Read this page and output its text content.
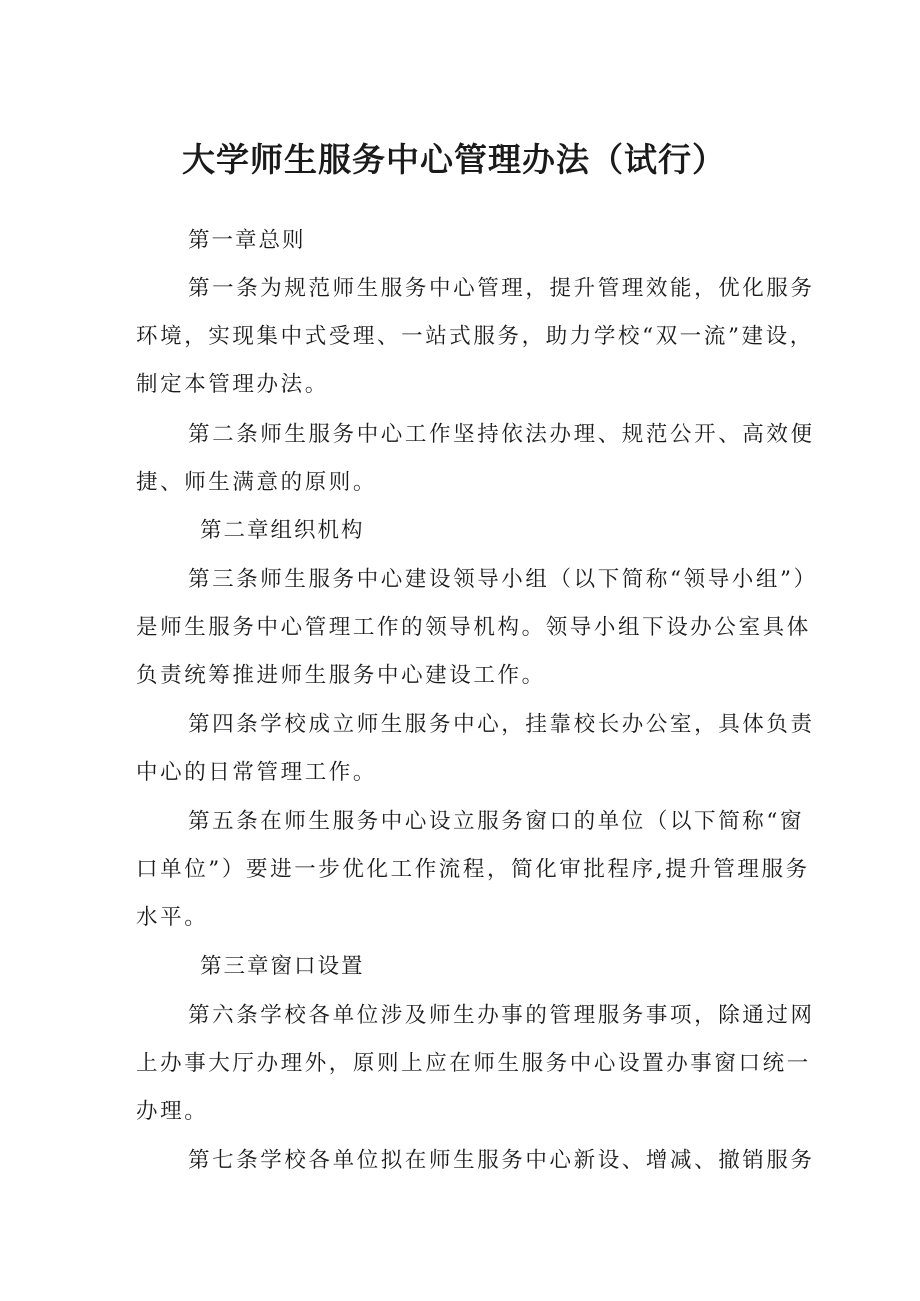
大学师生服务中心管理办法（试行）

第一章总则

第一条为规范师生服务中心管理，提升管理效能，优化服务

环境，实现集中式受理、一站式服务，助力学校“双一流”建设，

制定本管理办法。

第二条师生服务中心工作坚持依法办理、规范公开、高效便

捷、师生满意的原则。

第二章组织机构

第三条师生服务中心建设领导小组（以下简称“领导小组”）

是师生服务中心管理工作的领导机构。领导小组下设办公室具体

负责统筹推进师生服务中心建设工作。

第四条学校成立师生服务中心，挂靠校长办公室，具体负责

中心的日常管理工作。

第五条在师生服务中心设立服务窗口的单位（以下简称“窗

口单位”）要进一步优化工作流程，简化审批程序,提升管理服务

水平。

第三章窗口设置

第六条学校各单位涉及师生办事的管理服务事项，除通过网

上办事大厅办理外，原则上应在师生服务中心设置办事窗口统一

办理。

第七条学校各单位拟在师生服务中心新设、增减、撤销服务
